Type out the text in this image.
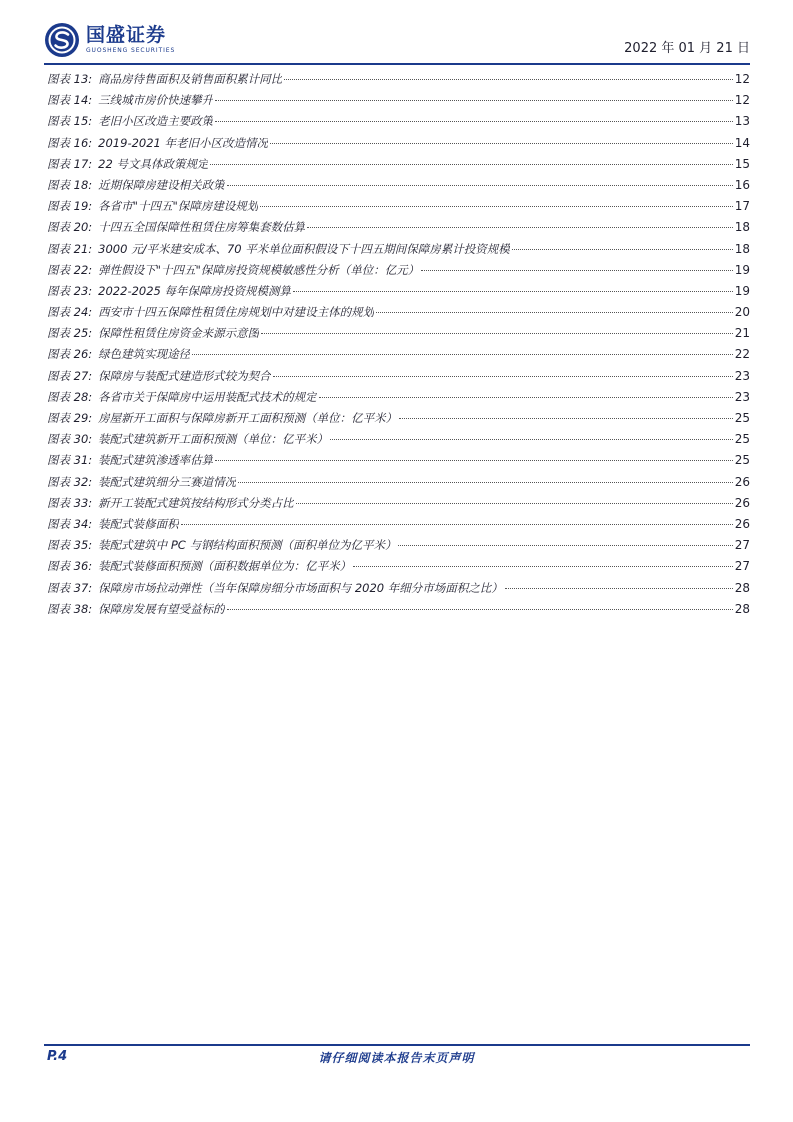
国盛证券
GUOSHENG SECURITIES	2022 年 01 月 21 日
图表 13: 商品房待售面积及销售面积累计同比	12
图表 14: 三线城市房价快速攀升	12
图表 15: 老旧小区改造主要政策	13
图表 16: 2019-2021 年老旧小区改造情况	14
图表 17: 22 号文具体政策规定	15
图表 18: 近期保障房建设相关政策	16
图表 19: 各省市"十四五"保障房建设规划	17
图表 20: 十四五全国保障性租赁住房筹集套数估算	18
图表 21: 3000 元/平米建安成本、70 平米单位面积假设下十四五期间保障房累计投资规模	18
图表 22: 弹性假设下"十四五"保障房投资规模敏感性分析（单位：亿元）	19
图表 23: 2022-2025 每年保障房投资规模测算	19
图表 24: 西安市十四五保障性租赁住房规划中对建设主体的规划	20
图表 25: 保障性租赁住房资金来源示意图	21
图表 26: 绿色建筑实现途径	22
图表 27: 保障房与装配式建造形式较为契合	23
图表 28: 各省市关于保障房中运用装配式技术的规定	23
图表 29: 房屋新开工面积与保障房新开工面积预测（单位：亿平米）	25
图表 30: 装配式建筑新开工面积预测（单位：亿平米）	25
图表 31: 装配式建筑渗透率估算	25
图表 32: 装配式建筑细分三赛道情况	26
图表 33: 新开工装配式建筑按结构形式分类占比	26
图表 34: 装配式装修面积	26
图表 35: 装配式建筑中 PC 与钢结构面积预测（面积单位为亿平米）	27
图表 36: 装配式装修面积预测（面积数据单位为：亿平米）	27
图表 37: 保障房市场拉动弹性（当年保障房细分市场面积与 2020 年细分市场面积之比）	28
图表 38: 保障房发展有望受益标的	28
P.4	请仔细阅读本报告末页声明
